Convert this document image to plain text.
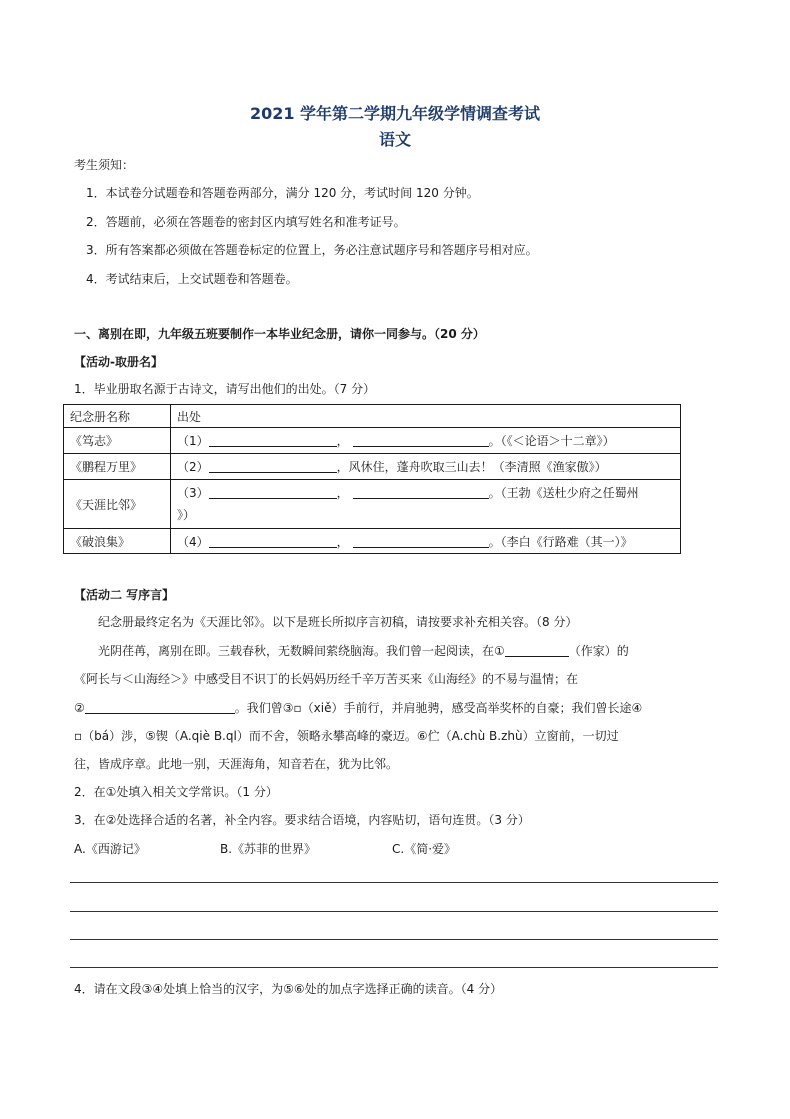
2021 学年第二学期九年级学情调查考试
语文
考生须知：
1．本试卷分试题卷和答题卷两部分，满分 120 分，考试时间 120 分钟。
2．答题前，必须在答题卷的密封区内填写姓名和准考证号。
3．所有答案都必须做在答题卷标定的位置上，务必注意试题序号和答题序号相对应。
4．考试结束后，上交试题卷和答题卷。
一、离别在即，九年级五班要制作一本毕业纪念册，请你一同参与。（20 分）
【活动-取册名】
1．毕业册取名源于古诗文，请写出他们的出处。（7 分）
纪念册名称	出处
《笃志》	（1） ， 。（《＜论语＞十二章》）
《鹏程万里》	（2） ，风休住，蓬舟吹取三山去！（李清照《渔家傲》）
《天涯比邻》	（3） ， 。（王勃《送杜少府之任蜀州
》）

《破浪集》	（4） ， 。（李白《行路难（其一）》
【活动二 写序言】
纪念册最终定名为《天涯比邻》。以下是班长所拟序言初稿，请按要求补充相关容。（8 分）
光阴荏苒，离别在即。三载春秋，无数瞬间萦绕脑海。我们曾一起阅读，在①	（作家）的
《阿长与＜山海经＞》中感受目不识丁的长妈妈历经千辛万苦买来《山海经》的不易与温情；在
②	。我们曾③▫（xiě）手前行，并肩驰骋，感受高举奖杯的自豪；我们曾长途④
▫（bá）涉，⑤锲（A.qiè B.ql）而不舍，领略永攀高峰的豪迈。⑥伫（A.chù B.zhù）立窗前，一切过
往，皆成序章。此地一别，天涯海角，知音若在，犹为比邻。
2．在①处填入相关文学常识。（1 分）
3．在②处选择合适的名著，补全内容。要求结合语境，内容贴切，语句连贯。（3 分）
A.《西游记》	B.《苏菲的世界》	C.《简·爱》
4．请在文段③④处填上恰当的汉字，为⑤⑥处的加点字选择正确的读音。（4 分）
